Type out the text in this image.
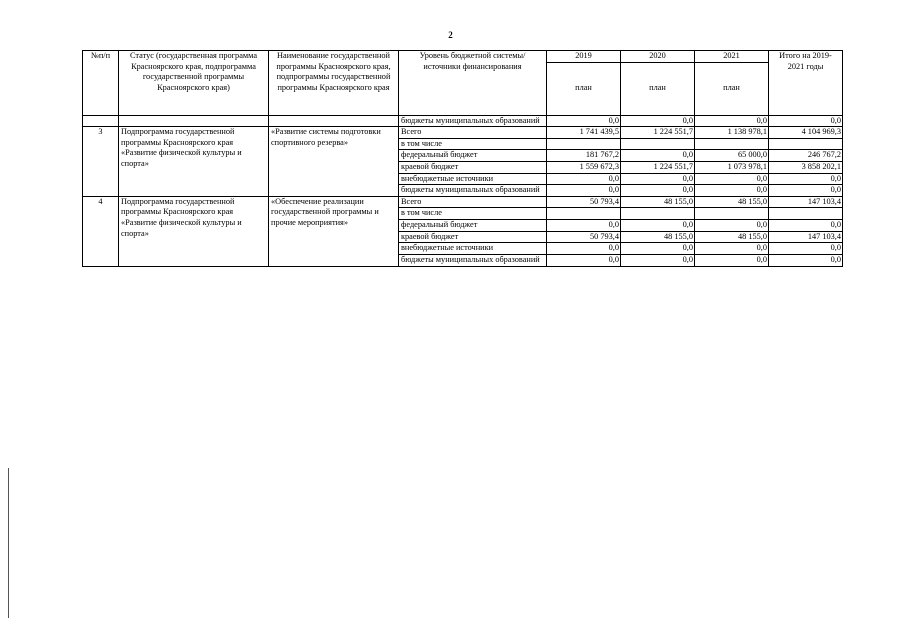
2
№п/п	Статус (государственная программа Красноярского края, подпрограмма государственной программы Красноярского края)	Наименование государственной программы Красноярского края, подпрограммы государственной программы Красноярского края	Уровень бюджетной системы/ источники финансирования	2019	2020	2021	Итого на 2019-2021 годы
				план	план	план	
			бюджеты муниципальных образований	0,0	0,0	0,0	0,0
3	Подпрограмма государственной программы Красноярского края «Развитие физической культуры и спорта»	«Развитие системы подготовки спортивного резерва»	Всего	1 741 439,5	1 224 551,7	1 138 978,1	4 104 969,3
			в том числе				
			федеральный бюджет	181 767,2	0,0	65 000,0	246 767,2
			краевой бюджет	1 559 672,3	1 224 551,7	1 073 978,1	3 858 202,1
			внебюджетные источники	0,0	0,0	0,0	0,0
			бюджеты муниципальных образований	0,0	0,0	0,0	0,0
4	Подпрограмма государственной программы Красноярского края «Развитие физической культуры и спорта»	«Обеспечение реализации государственной программы и прочие мероприятия»	Всего	50 793,4	48 155,0	48 155,0	147 103,4
			в том числе				
			федеральный бюджет	0,0	0,0	0,0	0,0
			краевой бюджет	50 793,4	48 155,0	48 155,0	147 103,4
			внебюджетные источники	0,0	0,0	0,0	0,0
			бюджеты муниципальных образований	0,0	0,0	0,0	0,0
